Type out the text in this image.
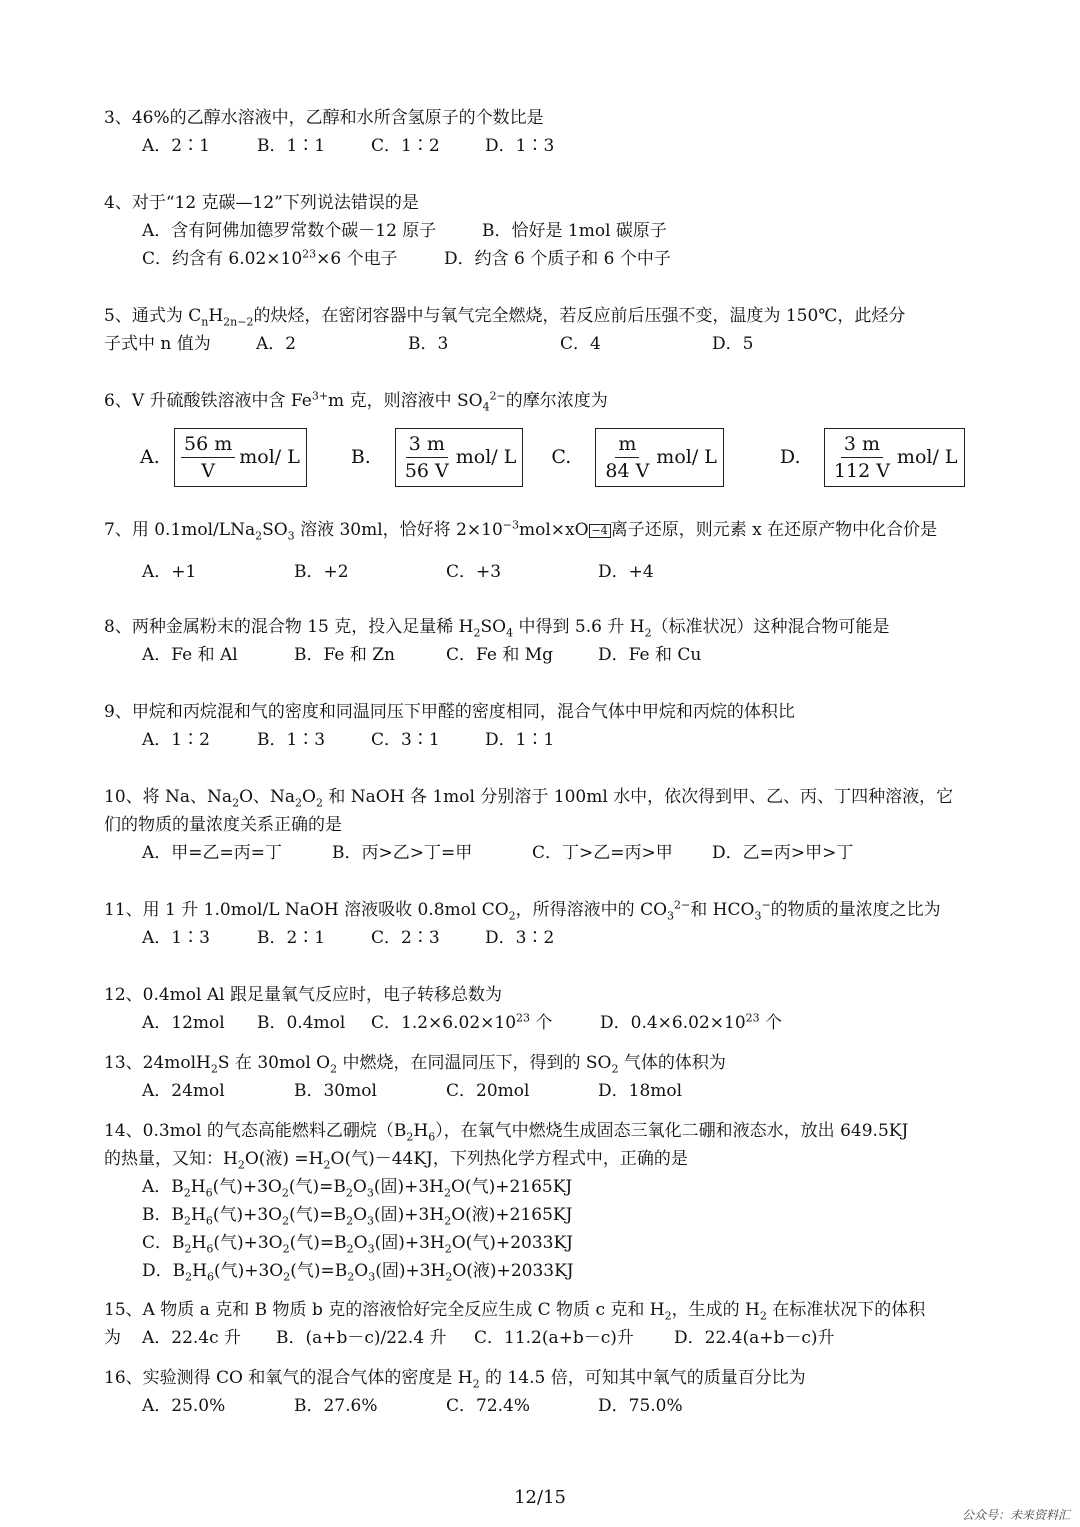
3、46%的乙醇水溶液中，乙醇和水所含氢原子的个数比是
A．2∶1	B．1∶1	C．1∶2	D．1∶3
4、对于“12 克碳—12”下列说法错误的是
A．含有阿佛加德罗常数个碳－12 原子	B．恰好是 1mol 碳原子
C．约含有 $6.02\times 10^{23}\times 6$ 个电子	D．约含 6 个质子和 6 个中子
5、通式为 $C_nH_{2n-2}$的炔烃，在密闭容器中与氧气完全燃烧，若反应前后压强不变，温度为 150℃，此烃分
子式中 n 值为	A．2	B．3	C．4	D．5
6、V 升硫酸铁溶液中含 $Fe^{3+}m$ 克，则溶液中 $SO_4^{2-}$的摩尔浓度为
A.	$\frac{56 m}{V} mol/$ L	B.	$\frac{3 m}{56 V} mol/$ L	C.	$\frac{m}{84 V} mol/$ L	D.	$\frac{3 m}{112 V} mol/$ L
7、用 $0.1mol/LNa_2SO_3$ 溶液 30ml，恰好将 $2\times 10^{-3}mol\times xO -4$ 离子还原，则元素 x 在还原产物中化合价是
A．+1	B．+2	C．+3	D．+4
8、两种金属粉末的混合物 15 克，投入足量稀 $H_2SO_4$ 中得到 5.6 升 $H_2$（标准状况）这种混合物可能是
A．Fe 和 Al	B．Fe 和 Zn	C．Fe 和 Mg	D．Fe 和 Cu
9、甲烷和丙烷混和气的密度和同温同压下甲醛的密度相同，混合气体中甲烷和丙烷的体积比
A．1∶2	B．1∶3	C．3∶1	D．1∶1
10、将 Na、$Na_2O$、$Na_2O_2$ 和 NaOH 各 1mol 分别溶于 100ml 水中，依次得到甲、乙、丙、丁四种溶液，它
们的物质的量浓度关系正确的是
A．甲=乙=丙=丁	B．丙>乙>丁=甲	C．丁>乙=丙>甲 D．乙=丙>甲>丁
11、用 1 升 1.0mol/L NaOH 溶液吸收 0.8mol $CO_2$，所得溶液中的 $CO_3^{2-}$和 $HCO_3^-$的物质的量浓度之比为
A．1∶3	B．2∶1	C．2∶3	D．3∶2
12、0.4mol Al 跟足量氧气反应时，电子转移总数为
A．12mol B．0.4mol C．$1.2\times 6.02\times 10^{23}$ 个	D．$0.4\times 6.02\times 10^{23}$ 个
13、24molH$_2$S 在 30mol $O_2$ 中燃烧，在同温同压下，得到的 $SO_2$ 气体的体积为
A．24mol	B．30mol	C．20mol	D．18mol
14、0.3mol 的气态高能燃料乙硼烷$(B_2H_6)$，在氧气中燃烧生成固态三氧化二硼和液态水，放出 649.5KJ
的热量，又知：$H_2O$(液) $=H_2O$(气)－44KJ，下列热化学方程式中，正确的是
A．$B_2H_6$(气)$+3O_2$(气)$=B_2O_3$(固)$+3H_2O$(气)+2165KJ
B．$B_2H_6$(气)$+3O_2$(气)$=B_2O_3$(固)$+3H_2O$(液)+2165KJ
C．$B_2H_6$(气)$+3O_2$(气)$=B_2O_3$(固)$+3H_2O$(气)+2033KJ
D．$B_2H_6$(气)$+3O_2$(气)$=B_2O_3$(固)$+3H_2O$(液)+2033KJ
15、A 物质 a 克和 B 物质 b 克的溶液恰好完全反应生成 C 物质 c 克和 $H_2$，生成的 $H_2$ 在标准状况下的体积
为 A．22.4c 升 B．(a+b－c)/22.4 升 C．11.2(a+b－c)升 D．22.4(a+b－c)升
16、实验测得 CO 和氧气的混合气体的密度是 $H_2$ 的 14.5 倍，可知其中氧气的质量百分比为
A．25.0%	B．27.6%	C．72.4%	D．75.0%
12/15
公众号：未来资料汇
